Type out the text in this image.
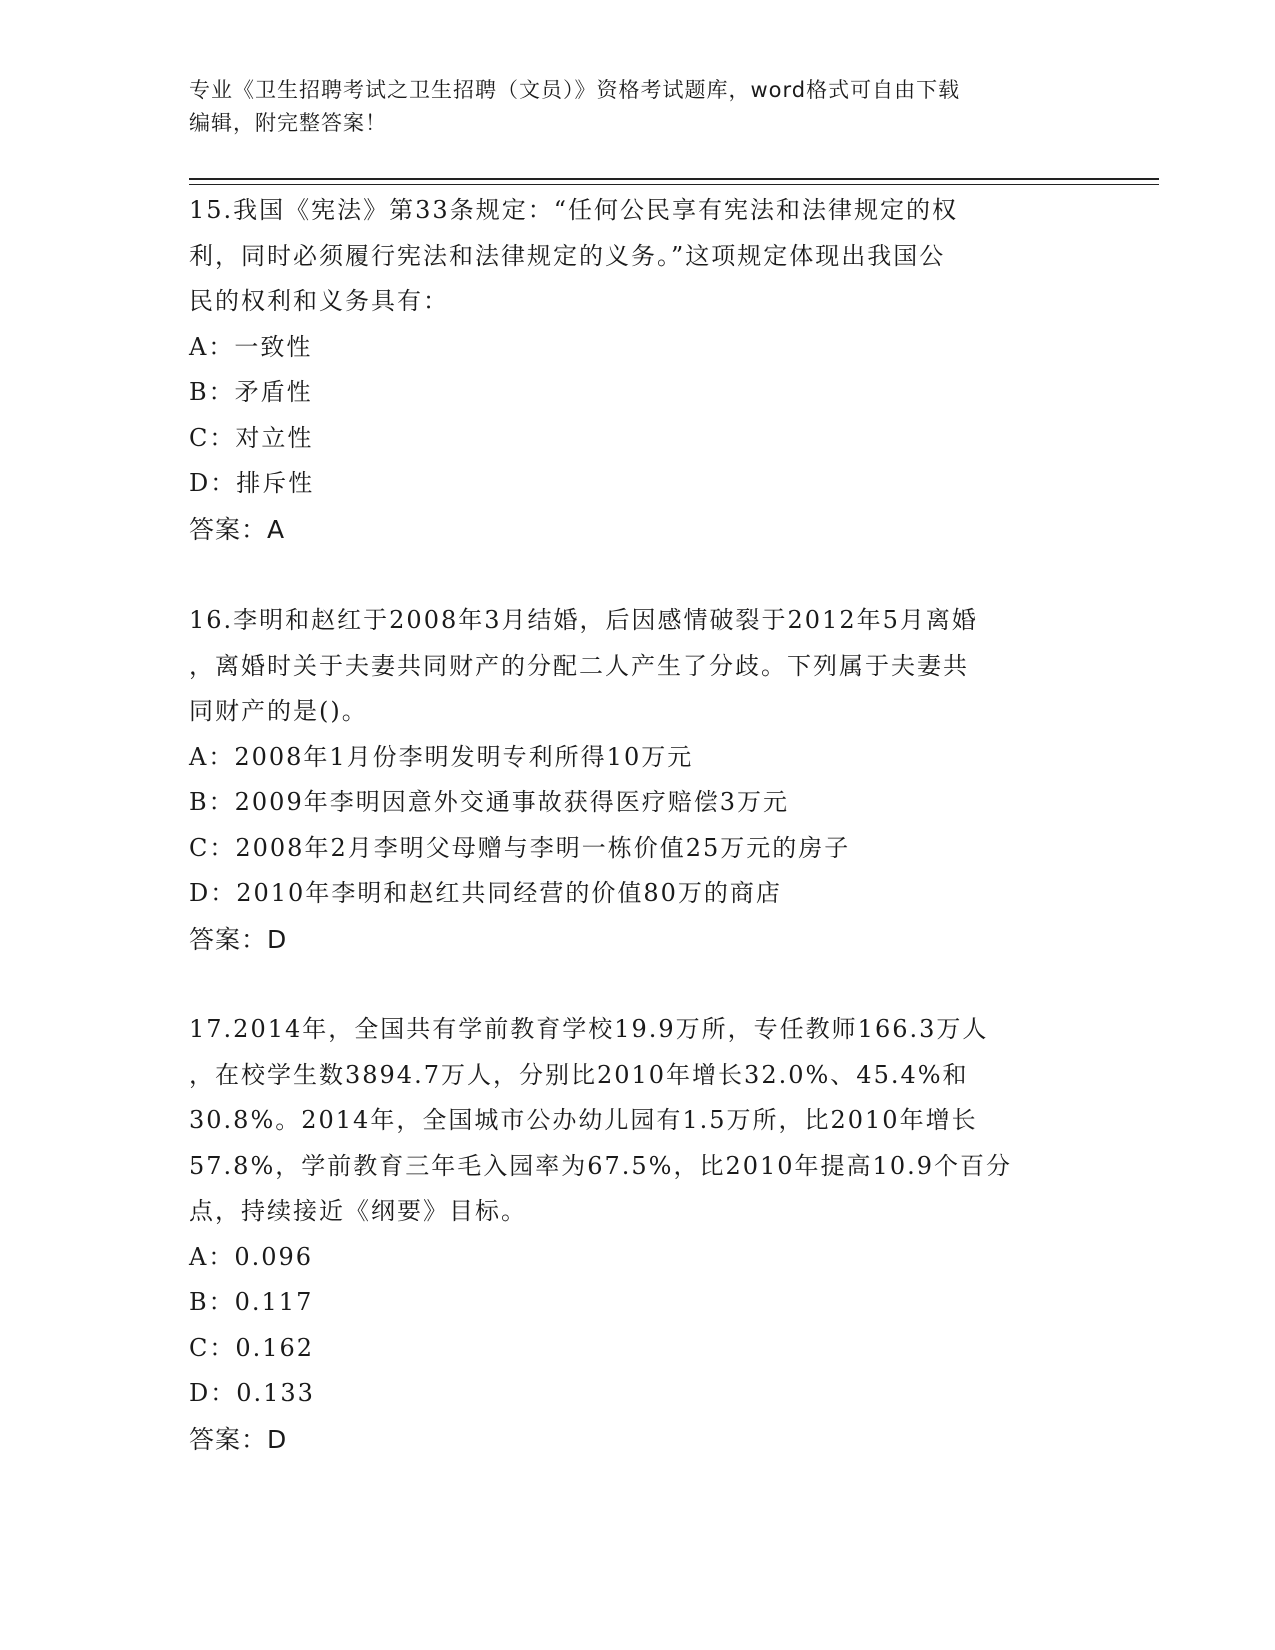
专业《卫生招聘考试之卫生招聘（文员）》资格考试题库，word格式可自由下载
编辑，附完整答案！

15.我国《宪法》第33条规定：“任何公民享有宪法和法律规定的权

利，同时必须履行宪法和法律规定的义务。”这项规定体现出我国公

民的权利和义务具有：

A：一致性

B：矛盾性

C：对立性

D：排斥性

答案：A

16.李明和赵红于2008年3月结婚，后因感情破裂于2012年5月离婚

，离婚时关于夫妻共同财产的分配二人产生了分歧。下列属于夫妻共

同财产的是()。

A：2008年1月份李明发明专利所得10万元

B：2009年李明因意外交通事故获得医疗赔偿3万元

C：2008年2月李明父母赠与李明一栋价值25万元的房子

D：2010年李明和赵红共同经营的价值80万的商店

答案：D

17.2014年，全国共有学前教育学校19.9万所，专任教师166.3万人

，在校学生数3894.7万人，分别比2010年增长32.0%、45.4%和

30.8%。2014年，全国城市公办幼儿园有1.5万所，比2010年增长

57.8%，学前教育三年毛入园率为67.5%，比2010年提高10.9个百分

点，持续接近《纲要》目标。

A：0.096

B：0.117

C：0.162

D：0.133

答案：D
